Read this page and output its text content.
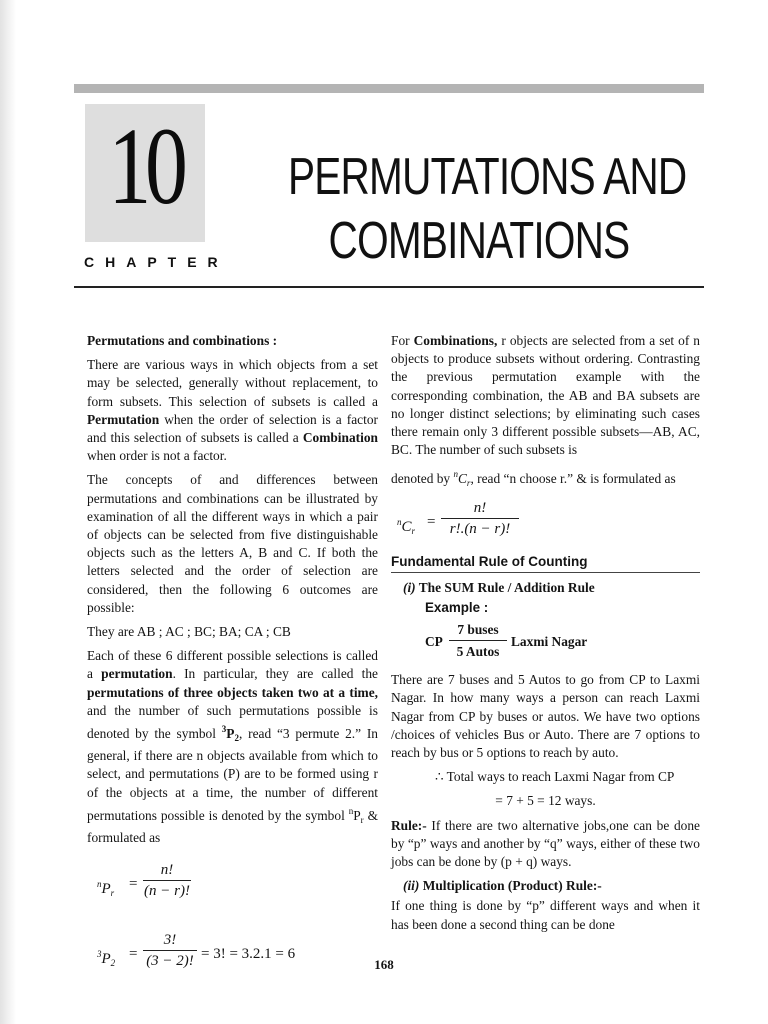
10
CHAPTER
PERMUTATIONS AND
COMBINATIONS

Permutations and combinations :

There are various ways in which objects from a set may be selected, generally without replacement, to form subsets. This selection of subsets is called a Permutation when the order of selection is a factor and this selection of subsets is called a Combination when order is not a factor.

The concepts of and differences between permutations and combinations can be illustrated by examination of all the different ways in which a pair of objects can be selected from five distinguishable objects such as the letters A, B and C. If both the letters selected and the order of selection are considered, then the following 6 outcomes are possible:

They are AB ; AC ; BC; BA; CA ; CB

Each of these 6 different possible selections is called a permutation. In particular, they are called the permutations of three objects taken two at a time, and the number of such permutations possible is denoted by the symbol $^3P_2$, read “3 permute 2.” In general, if there are n objects available from which to select, and permutations (P) are to be formed using r of the objects at a time, the number of different permutations possible is denoted by the symbol $^nP_r$ & formulated as

$^nP_r$
= $\frac{n!}{(n - r)!}$
$^3P_2$
= $\frac{3!}{(3 - 2)!} = 3$! = 3.2.1 = 6

For Combinations, r objects are selected from a set of n objects to produce subsets without ordering. Contrasting the previous permutation example with the corresponding combination, the AB and BA subsets are no longer distinct selections; by eliminating such cases there remain only 3 different possible subsets—AB, AC, BC. The number of such subsets is

denoted by $^nC_r$, read “n choose r.” & is formulated as

$^nC_r$
= $\frac{n!}{r!.(n - r)!}$
Fundamental Rule of Counting
(i) The SUM Rule / Addition Rule
Example :
CP
7 buses
5 Autos
Laxmi Nagar

There are 7 buses and 5 Autos to go from CP to Laxmi Nagar. In how many ways a person can reach Laxmi Nagar from CP by buses or autos. We have two options /choices of vehicles Bus or Auto. There are 7 options to reach by bus or 5 options to reach by auto.

∴ Total ways to reach Laxmi Nagar from CP

= 7 + 5 = 12 ways.

Rule:- If there are two alternative jobs,one can be done by “p” ways and another by “q” ways, either of these two jobs can be done by (p + q) ways.

(ii) Multiplication (Product) Rule:-

If one thing is done by “p” different ways and when it has been done a second thing can be done

168
